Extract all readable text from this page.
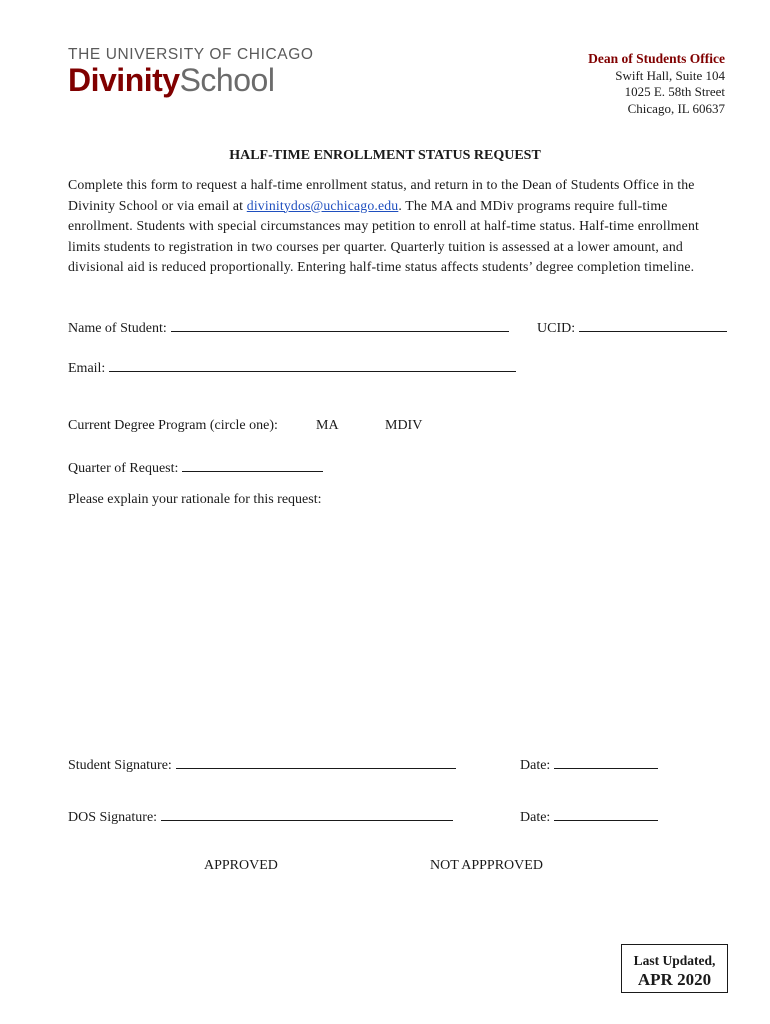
THE UNIVERSITY OF CHICAGO
DivinitySchool
Dean of Students Office
Swift Hall, Suite 104
1025 E. 58th Street
Chicago, IL 60637
HALF-TIME ENROLLMENT STATUS REQUEST
Complete this form to request a half-time enrollment status, and return in to the Dean of Students Office in the Divinity School or via email at divinitydos@uchicago.edu. The MA and MDiv programs require full-time enrollment. Students with special circumstances may petition to enroll at half-time status. Half-time enrollment limits students to registration in two courses per quarter. Quarterly tuition is assessed at a lower amount, and divisional aid is reduced proportionally. Entering half-time status affects students’ degree completion timeline.
Name of Student:	UCID:
Email:
Current Degree Program (circle one):	MA	MDIV
Quarter of Request:
Please explain your rationale for this request:
Student Signature:	Date:
DOS Signature:	Date:
APPROVED	NOT APPPROVED
Last Updated,
APR 2020
